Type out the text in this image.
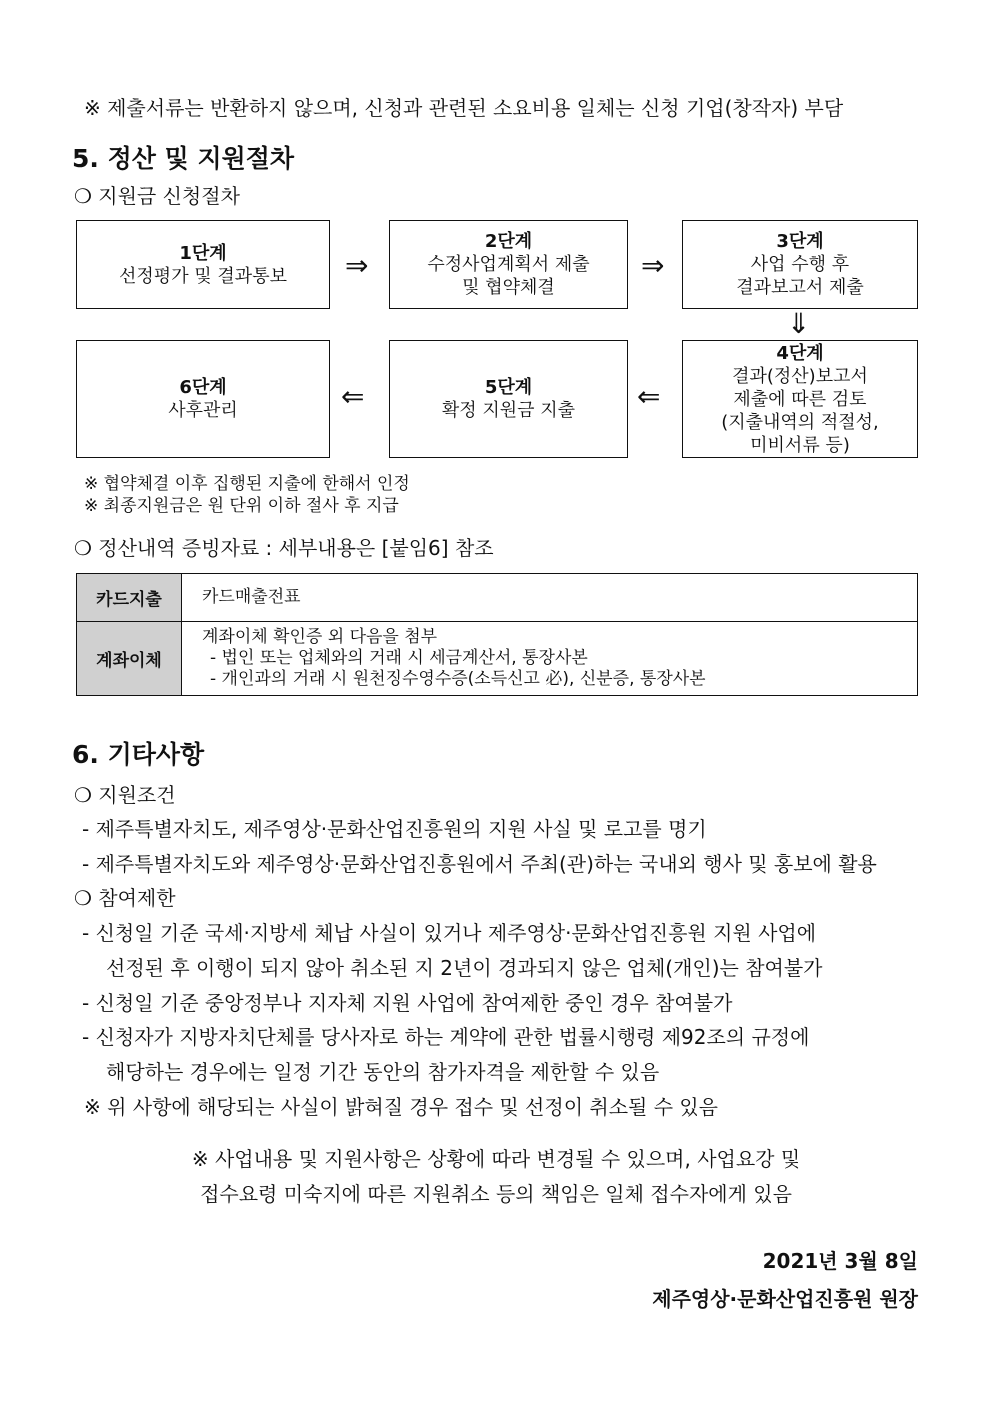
※ 제출서류는 반환하지 않으며, 신청과 관련된 소요비용 일체는 신청 기업(창작자) 부담
5. 정산 및 지원절차
❍ 지원금 신청절차
1단계
선정평가 및 결과통보 ⇒
2단계
수정사업계획서 제출
및 협약체결
⇒
3단계
사업 수행 후
결과보고서 제출
⇓
6단계
사후관리	⇐	5단계
확정 지원금 지출 ⇐
4단계
결과(정산)보고서
제출에 따른 검토
(지출내역의 적절성,
미비서류 등)
※ 협약체결 이후 집행된 지출에 한해서 인정
※ 최종지원금은 원 단위 이하 절사 후 지급
❍ 정산내역 증빙자료 : 세부내용은 [붙임6] 참조
카드지출	카드매출전표

계좌이체	계좌이체 확인증 외 다음을 첨부
- 법인 또는 업체와의 거래 시 세금계산서, 통장사본
- 개인과의 거래 시 원천징수영수증(소득신고 必), 신분증, 통장사본
6. 기타사항
❍ 지원조건
- 제주특별자치도, 제주영상·문화산업진흥원의 지원 사실 및 로고를 명기
- 제주특별자치도와 제주영상·문화산업진흥원에서 주최(관)하는 국내외 행사 및 홍보에 활용
❍ 참여제한
- 신청일 기준 국세·지방세 체납 사실이 있거나 제주영상·문화산업진흥원 지원 사업에
선정된 후 이행이 되지 않아 취소된 지 2년이 경과되지 않은 업체(개인)는 참여불가
- 신청일 기준 중앙정부나 지자체 지원 사업에 참여제한 중인 경우 참여불가
- 신청자가 지방자치단체를 당사자로 하는 계약에 관한 법률시행령 제92조의 규정에
해당하는 경우에는 일정 기간 동안의 참가자격을 제한할 수 있음
※ 위 사항에 해당되는 사실이 밝혀질 경우 접수 및 선정이 취소될 수 있음
※ 사업내용 및 지원사항은 상황에 따라 변경될 수 있으며, 사업요강 및
접수요령 미숙지에 따른 지원취소 등의 책임은 일체 접수자에게 있음
2021년 3월 8일
제주영상·문화산업진흥원 원장
